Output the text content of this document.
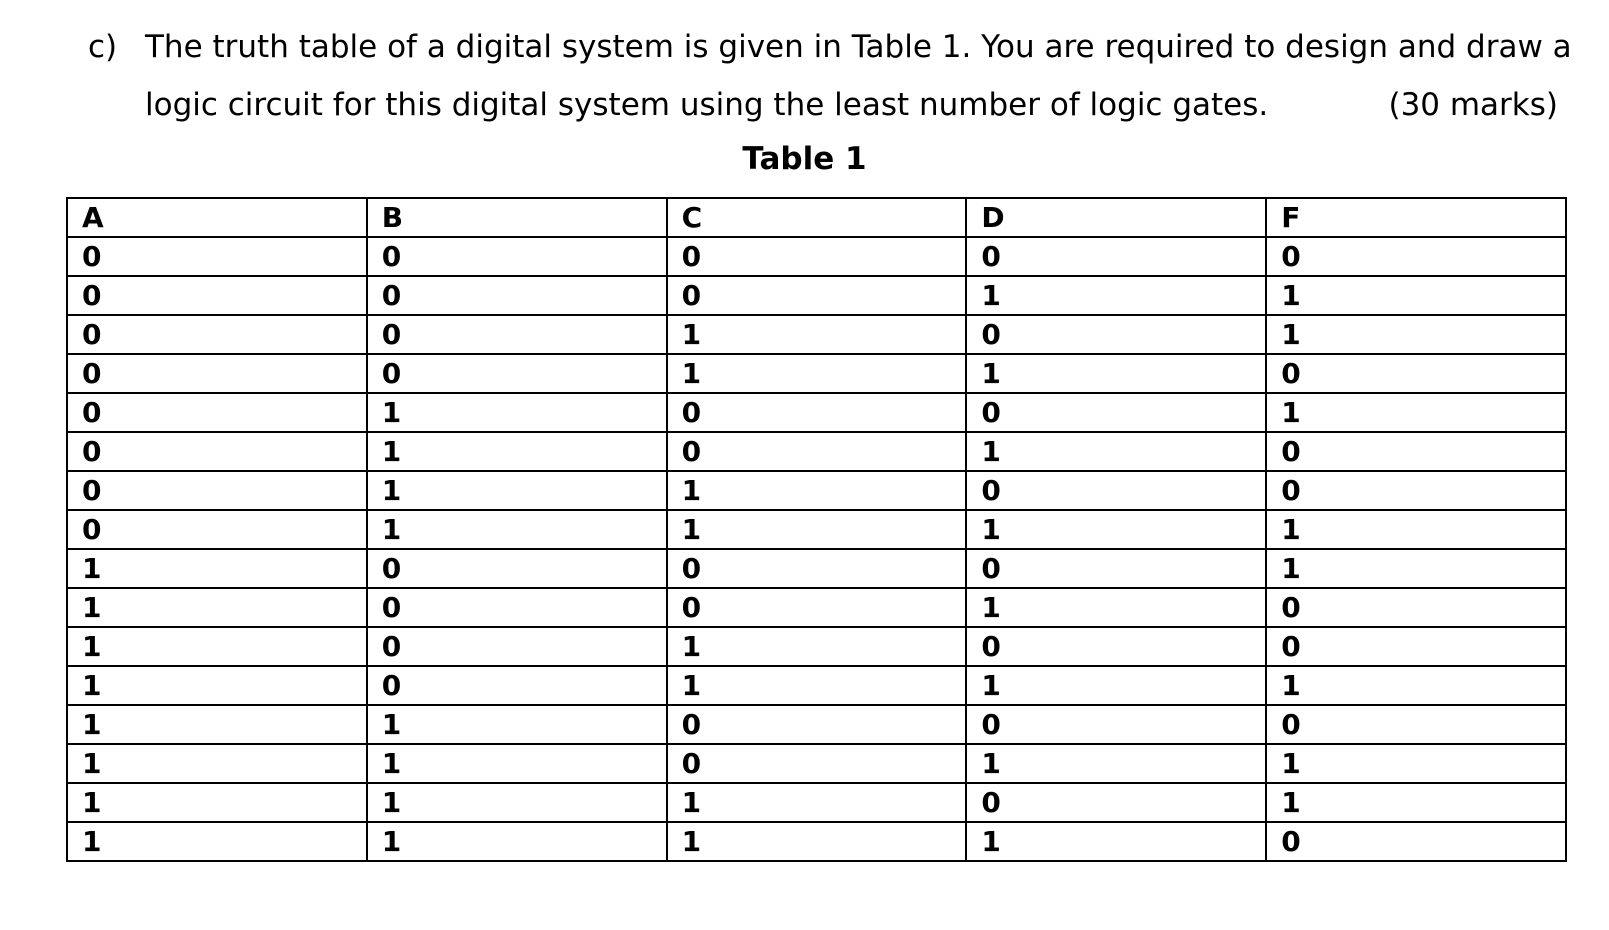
c) The truth table of a digital system is given in Table 1. You are required to design and draw a
logic circuit for this digital system using the least number of logic gates.	(30 marks)
Table 1
A	B	C	D	F
0	0	0	0	0
0	0	0	1	1
0	0	1	0	1
0	0	1	1	0
0	1	0	0	1
0	1	0	1	0
0	1	1	0	0
0	1	1	1	1
1	0	0	0	1
1	0	0	1	0
1	0	1	0	0
1	0	1	1	1
1	1	0	0	0
1	1	0	1	1
1	1	1	0	1
1	1	1	1	0
